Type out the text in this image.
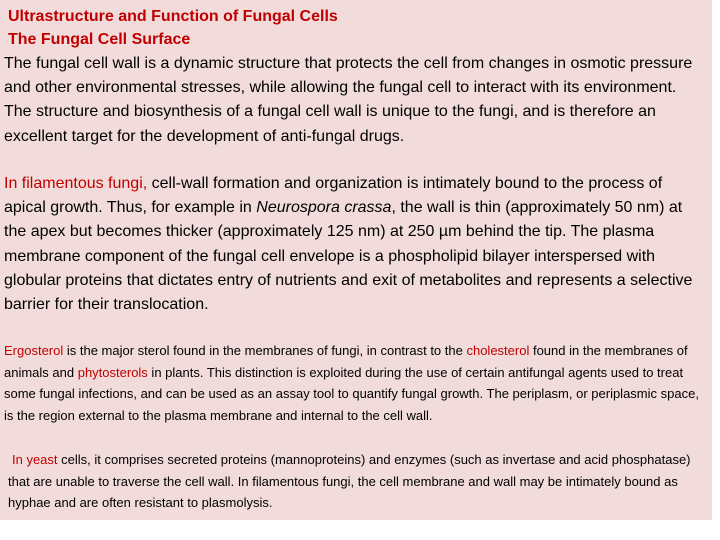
Ultrastructure and Function of Fungal Cells

The Fungal Cell Surface

The fungal cell wall is a dynamic structure that protects the cell from changes in osmotic pressure and other environmental stresses, while allowing the fungal cell to interact with its environment. The structure and biosynthesis of a fungal cell wall is unique to the fungi, and is therefore an excellent target for the development of anti-fungal drugs.

In filamentous fungi, cell-wall formation and organization is intimately bound to the process of apical growth. Thus, for example in Neurospora crassa, the wall is thin (approximately 50 nm) at the apex but becomes thicker (approximately 125 nm) at 250 µm behind the tip. The plasma membrane component of the fungal cell envelope is a phospholipid bilayer interspersed with globular proteins that dictates entry of nutrients and exit of metabolites and represents a selective barrier for their translocation.

Ergosterol is the major sterol found in the membranes of fungi, in contrast to the cholesterol found in the membranes of animals and phytosterols in plants. This distinction is exploited during the use of certain antifungal agents used to treat some fungal infections, and can be used as an assay tool to quantify fungal growth. The periplasm, or periplasmic space, is the region external to the plasma membrane and internal to the cell wall.

In yeast cells, it comprises secreted proteins (mannoproteins) and enzymes (such as invertase and acid phosphatase) that are unable to traverse the cell wall. In filamentous fungi, the cell membrane and wall may be intimately bound as hyphae and are often resistant to plasmolysis.
